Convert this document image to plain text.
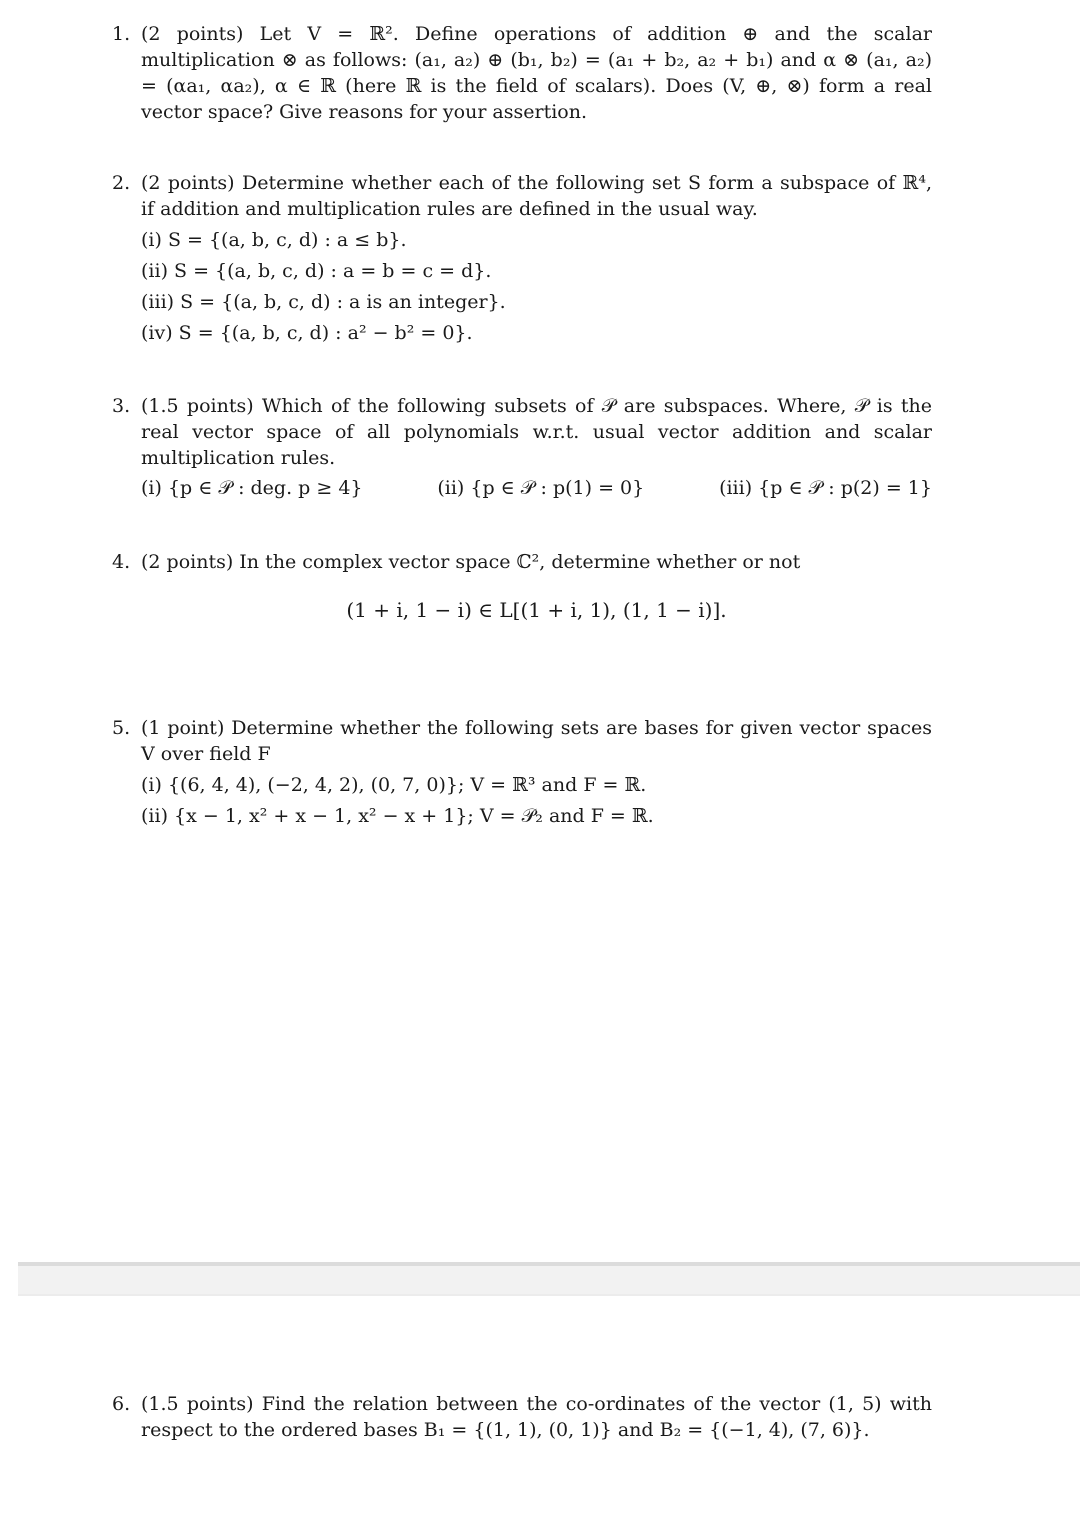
1. (2 points) Let V = ℝ². Define operations of addition ⊕ and the scalar multiplication ⊗ as follows: (a₁, a₂) ⊕ (b₁, b₂) = (a₁ + b₂, a₂ + b₁) and α ⊗ (a₁, a₂) = (αa₁, αa₂), α ∈ ℝ (here ℝ is the field of scalars). Does (V, ⊕, ⊗) form a real vector space? Give reasons for your assertion.
2. (2 points) Determine whether each of the following set S form a subspace of ℝ⁴, if addition and multiplication rules are defined in the usual way.
(i) S = {(a, b, c, d) : a ≤ b}.
(ii) S = {(a, b, c, d) : a = b = c = d}.
(iii) S = {(a, b, c, d) : a is an integer}.
(iv) S = {(a, b, c, d) : a² − b² = 0}.
3. (1.5 points) Which of the following subsets of 𝒫 are subspaces. Where, 𝒫 is the real vector space of all polynomials w.r.t. usual vector addition and scalar multiplication rules.
(i) {p ∈ 𝒫 : deg. p ≥ 4}	(ii) {p ∈ 𝒫 : p(1) = 0}	(iii) {p ∈ 𝒫 : p(2) = 1}
4. (2 points) In the complex vector space ℂ², determine whether or not
(1 + i, 1 − i) ∈ L[(1 + i, 1), (1, 1 − i)].
5. (1 point) Determine whether the following sets are bases for given vector spaces V over field F
(i) {(6, 4, 4), (−2, 4, 2), (0, 7, 0)}; V = ℝ³ and F = ℝ.
(ii) {x − 1, x² + x − 1, x² − x + 1}; V = 𝒫₂ and F = ℝ.
6. (1.5 points) Find the relation between the co-ordinates of the vector (1, 5) with respect to the ordered bases B₁ = {(1, 1), (0, 1)} and B₂ = {(−1, 4), (7, 6)}.
